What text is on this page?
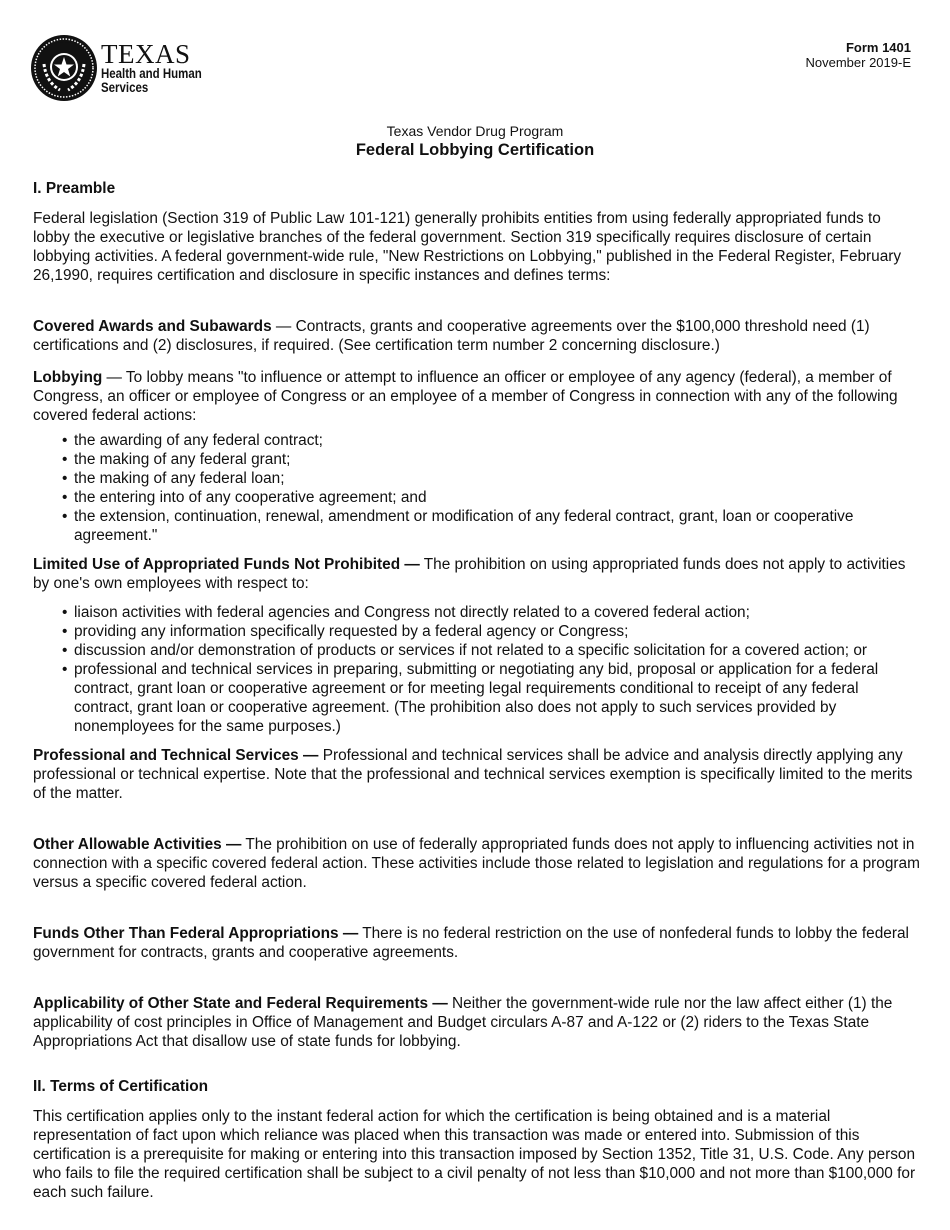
TEXAS
Health and Human
Services
Form 1401
November 2019-E
Texas Vendor Drug Program
Federal Lobbying Certification
I. Preamble

Federal legislation (Section 319 of Public Law 101-121) generally prohibits entities from using federally appropriated funds to lobby the executive or legislative branches of the federal government. Section 319 specifically requires disclosure of certain lobbying activities. A federal government-wide rule, "New Restrictions on Lobbying," published in the Federal Register, February 26,1990, requires certification and disclosure in specific instances and defines terms:

Covered Awards and Subawards — Contracts, grants and cooperative agreements over the $100,000 threshold need (1) certifications and (2) disclosures, if required. (See certification term number 2 concerning disclosure.)

Lobbying — To lobby means "to influence or attempt to influence an officer or employee of any agency (federal), a member of Congress, an officer or employee of Congress or an employee of a member of Congress in connection with any of the following covered federal actions:

• the awarding of any federal contract;
• the making of any federal grant;
• the making of any federal loan;
• the entering into of any cooperative agreement; and
• the extension, continuation, renewal, amendment or modification of any federal contract, grant, loan or cooperative agreement."

Limited Use of Appropriated Funds Not Prohibited — The prohibition on using appropriated funds does not apply to activities by one's own employees with respect to:

• liaison activities with federal agencies and Congress not directly related to a covered federal action;
• providing any information specifically requested by a federal agency or Congress;
• discussion and/or demonstration of products or services if not related to a specific solicitation for a covered action; or
• professional and technical services in preparing, submitting or negotiating any bid, proposal or application for a federal contract, grant loan or cooperative agreement or for meeting legal requirements conditional to receipt of any federal contract, grant loan or cooperative agreement. (The prohibition also does not apply to such services provided by nonemployees for the same purposes.)

Professional and Technical Services — Professional and technical services shall be advice and analysis directly applying any professional or technical expertise. Note that the professional and technical services exemption is specifically limited to the merits of the matter.

Other Allowable Activities — The prohibition on use of federally appropriated funds does not apply to influencing activities not in connection with a specific covered federal action. These activities include those related to legislation and regulations for a program versus a specific covered federal action.

Funds Other Than Federal Appropriations — There is no federal restriction on the use of nonfederal funds to lobby the federal government for contracts, grants and cooperative agreements.

Applicability of Other State and Federal Requirements — Neither the government-wide rule nor the law affect either (1) the applicability of cost principles in Office of Management and Budget circulars A-87 and A-122 or (2) riders to the Texas State Appropriations Act that disallow use of state funds for lobbying.

II. Terms of Certification

This certification applies only to the instant federal action for which the certification is being obtained and is a material representation of fact upon which reliance was placed when this transaction was made or entered into. Submission of this certification is a prerequisite for making or entering into this transaction imposed by Section 1352, Title 31, U.S. Code. Any person who fails to file the required certification shall be subject to a civil penalty of not less than $10,000 and not more than $100,000 for each such failure.
